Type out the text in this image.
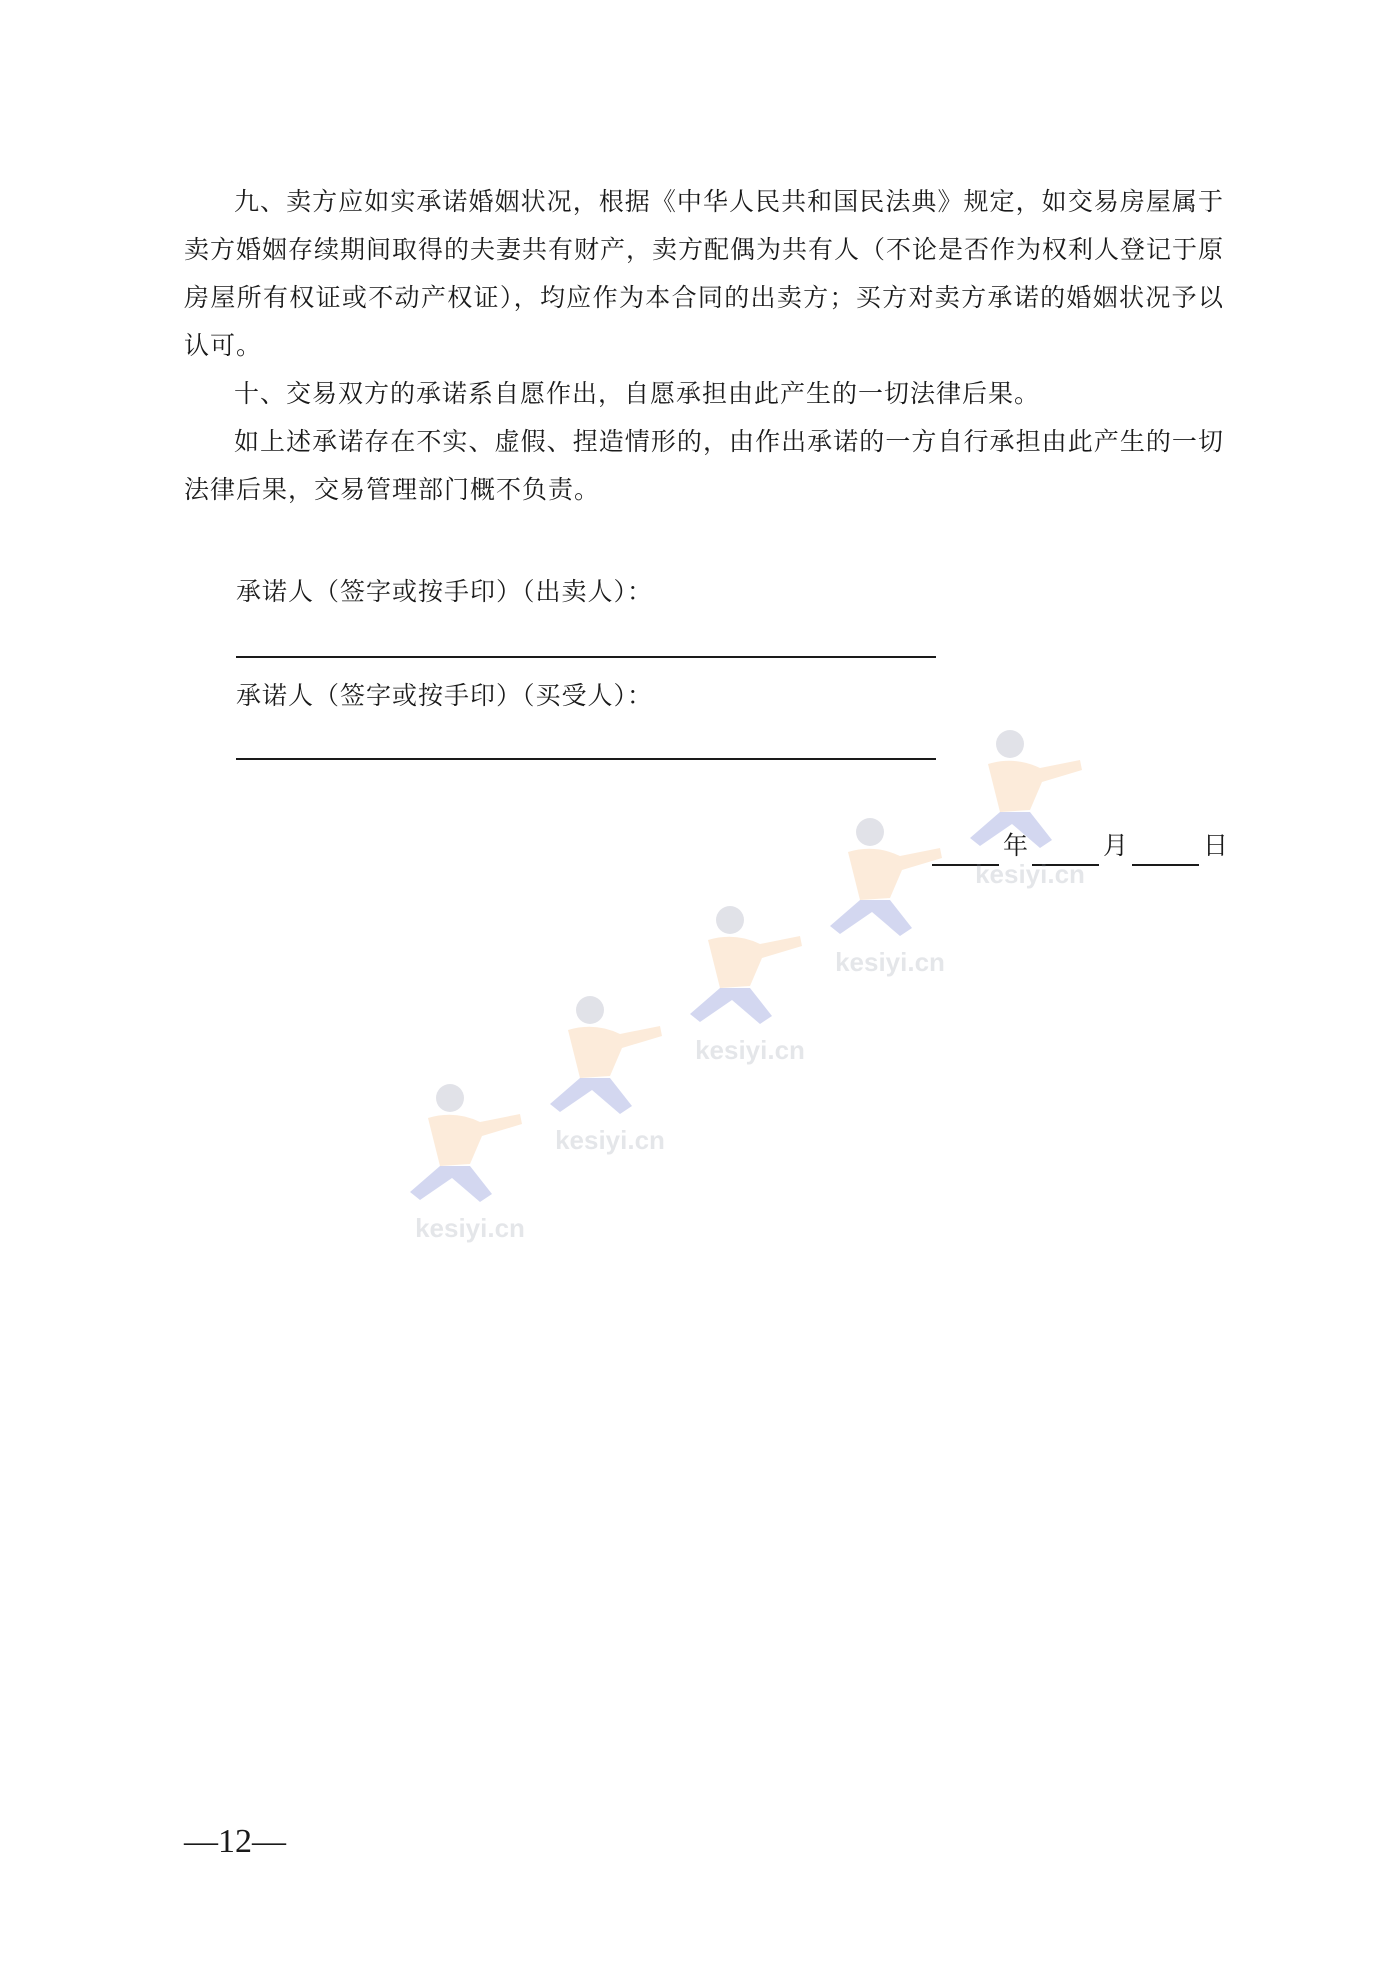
九、卖方应如实承诺婚姻状况，根据《中华人民共和国民法典》规定，如交易房屋属于卖方婚姻存续期间取得的夫妻共有财产，卖方配偶为共有人（不论是否作为权利人登记于原房屋所有权证或不动产权证），均应作为本合同的出卖方；买方对卖方承诺的婚姻状况予以认可。

十、交易双方的承诺系自愿作出，自愿承担由此产生的一切法律后果。

如上述承诺存在不实、虚假、捏造情形的，由作出承诺的一方自行承担由此产生的一切法律后果，交易管理部门概不负责。

承诺人（签字或按手印）（出卖人）：
承诺人（签字或按手印）（买受人）：
年	月	日
—12—
kesiyi.cn
kesiyi.cn
kesiyi.cn
kesiyi.cn
kesiyi.cn
